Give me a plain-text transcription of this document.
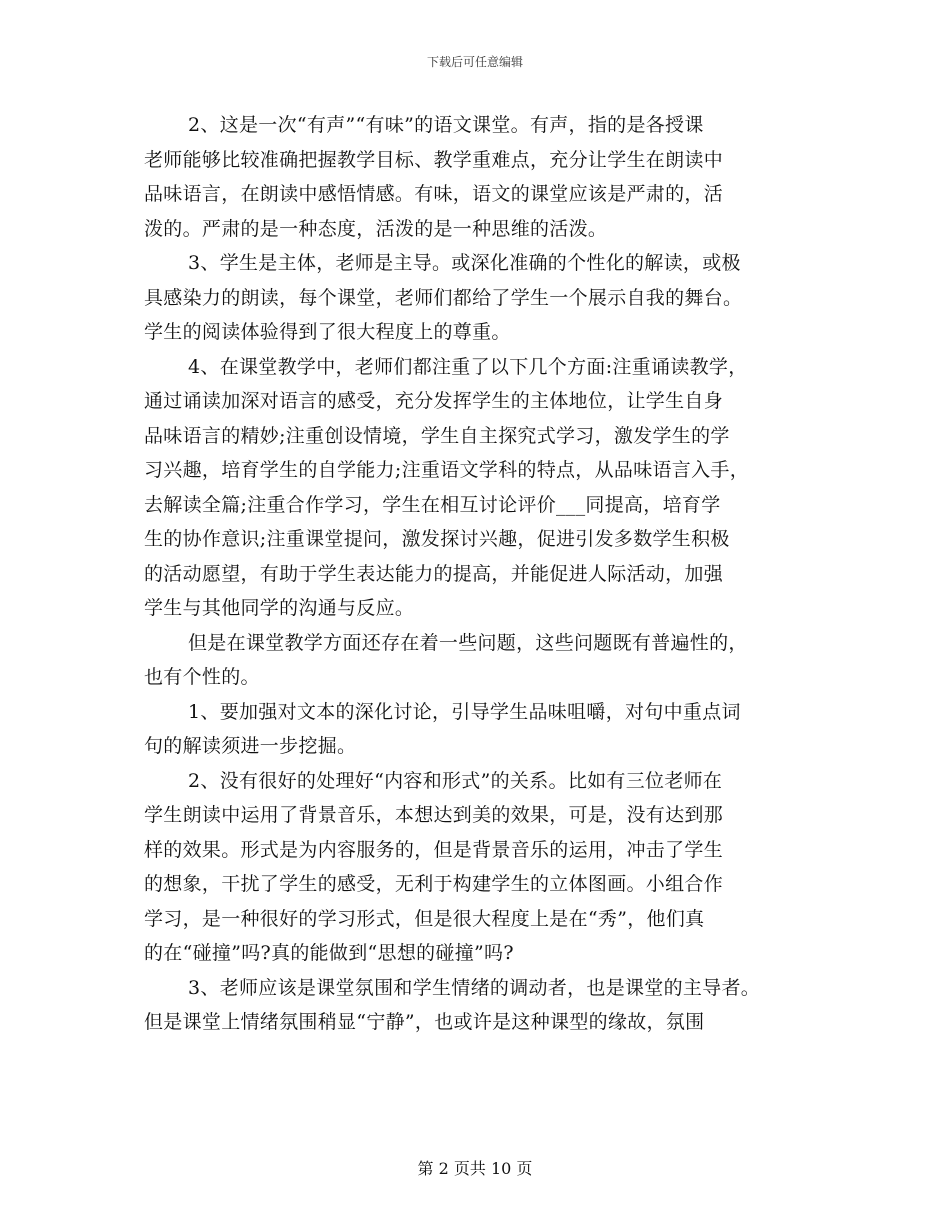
下载后可任意编辑
2、这是一次“有声”“有味”的语文课堂。有声，指的是各授课
老师能够比较准确把握教学目标、教学重难点，充分让学生在朗读中
品味语言，在朗读中感悟情感。有味，语文的课堂应该是严肃的，活
泼的。严肃的是一种态度，活泼的是一种思维的活泼。
3、学生是主体，老师是主导。或深化准确的个性化的解读，或极
具感染力的朗读，每个课堂，老师们都给了学生一个展示自我的舞台。
学生的阅读体验得到了很大程度上的尊重。
4、在课堂教学中，老师们都注重了以下几个方面:注重诵读教学，
通过诵读加深对语言的感受，充分发挥学生的主体地位，让学生自身
品味语言的精妙;注重创设情境，学生自主探究式学习，激发学生的学
习兴趣，培育学生的自学能力;注重语文学科的特点，从品味语言入手，
去解读全篇;注重合作学习，学生在相互讨论评价___同提高，培育学
生的协作意识;注重课堂提问，激发探讨兴趣，促进引发多数学生积极
的活动愿望，有助于学生表达能力的提高，并能促进人际活动，加强
学生与其他同学的沟通与反应。
但是在课堂教学方面还存在着一些问题，这些问题既有普遍性的，
也有个性的。
1、要加强对文本的深化讨论，引导学生品味咀嚼，对句中重点词
句的解读须进一步挖掘。
2、没有很好的处理好“内容和形式”的关系。比如有三位老师在
学生朗读中运用了背景音乐，本想达到美的效果，可是，没有达到那
样的效果。形式是为内容服务的，但是背景音乐的运用，冲击了学生
的想象，干扰了学生的感受，无利于构建学生的立体图画。小组合作
学习，是一种很好的学习形式，但是很大程度上是在“秀”，他们真
的在“碰撞”吗?真的能做到“思想的碰撞”吗?
3、老师应该是课堂氛围和学生情绪的调动者，也是课堂的主导者。
但是课堂上情绪氛围稍显“宁静”，也或许是这种课型的缘故，氛围
第 2 页共 10 页
